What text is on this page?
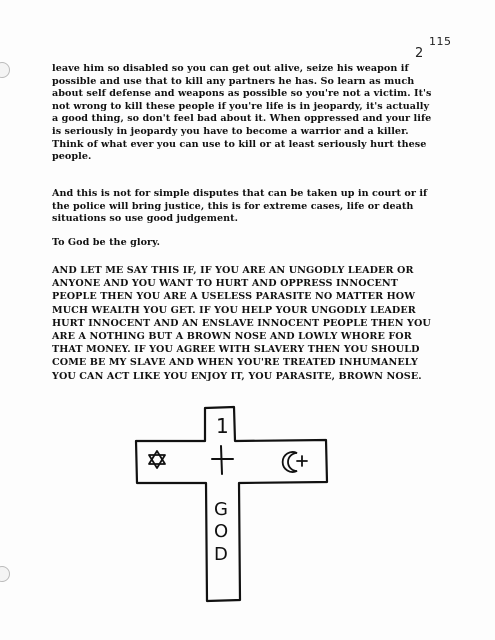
2
115

leave him so disabled so you can get out alive, seize his weapon if
possible and use that to kill any partners he has. So learn as much
about self defense and weapons as possible so you're not a victim. It's
not wrong to kill these people if you're life is in jeopardy, it's actually
a good thing, so don't feel bad about it. When oppressed and your life
is seriously in jeopardy you have to become a warrior and a killer.
Think of what ever you can use to kill or at least seriously hurt these
people.

And this is not for simple disputes that can be taken up in court or if
the police will bring justice, this is for extreme cases, life or death
situations so use good judgement.

To God be the glory.

AND LET ME SAY THIS IF, IF YOU ARE AN UNGODLY LEADER OR
ANYONE AND YOU WANT TO HURT AND OPPRESS INNOCENT
PEOPLE THEN YOU ARE A USELESS PARASITE NO MATTER HOW
MUCH WEALTH YOU GET. IF YOU HELP YOUR UNGODLY LEADER
HURT INNOCENT AND AN ENSLAVE INNOCENT PEOPLE THEN YOU
ARE A NOTHING BUT A BROWN NOSE AND LOWLY WHORE FOR
THAT MONEY. IF YOU AGREE WITH SLAVERY THEN YOU SHOULD
COME BE MY SLAVE AND WHEN YOU'RE TREATED INHUMANELY
YOU CAN ACT LIKE YOU ENJOY IT, YOU PARASITE, BROWN NOSE.

1
G
O
D
